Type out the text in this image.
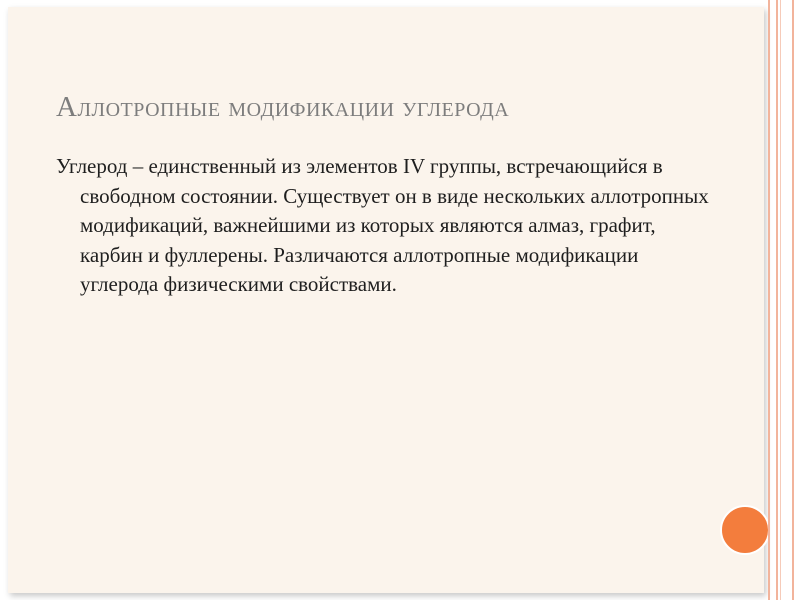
Аллотропные модификации углерода

Углерод – единственный из элементов IV группы, встречающийся в свободном состоянии. Существует он в виде нескольких аллотропных модификаций, важнейшими из которых являются алмаз, графит, карбин и фуллерены. Различаются аллотропные модификации углерода физическими свойствами.
